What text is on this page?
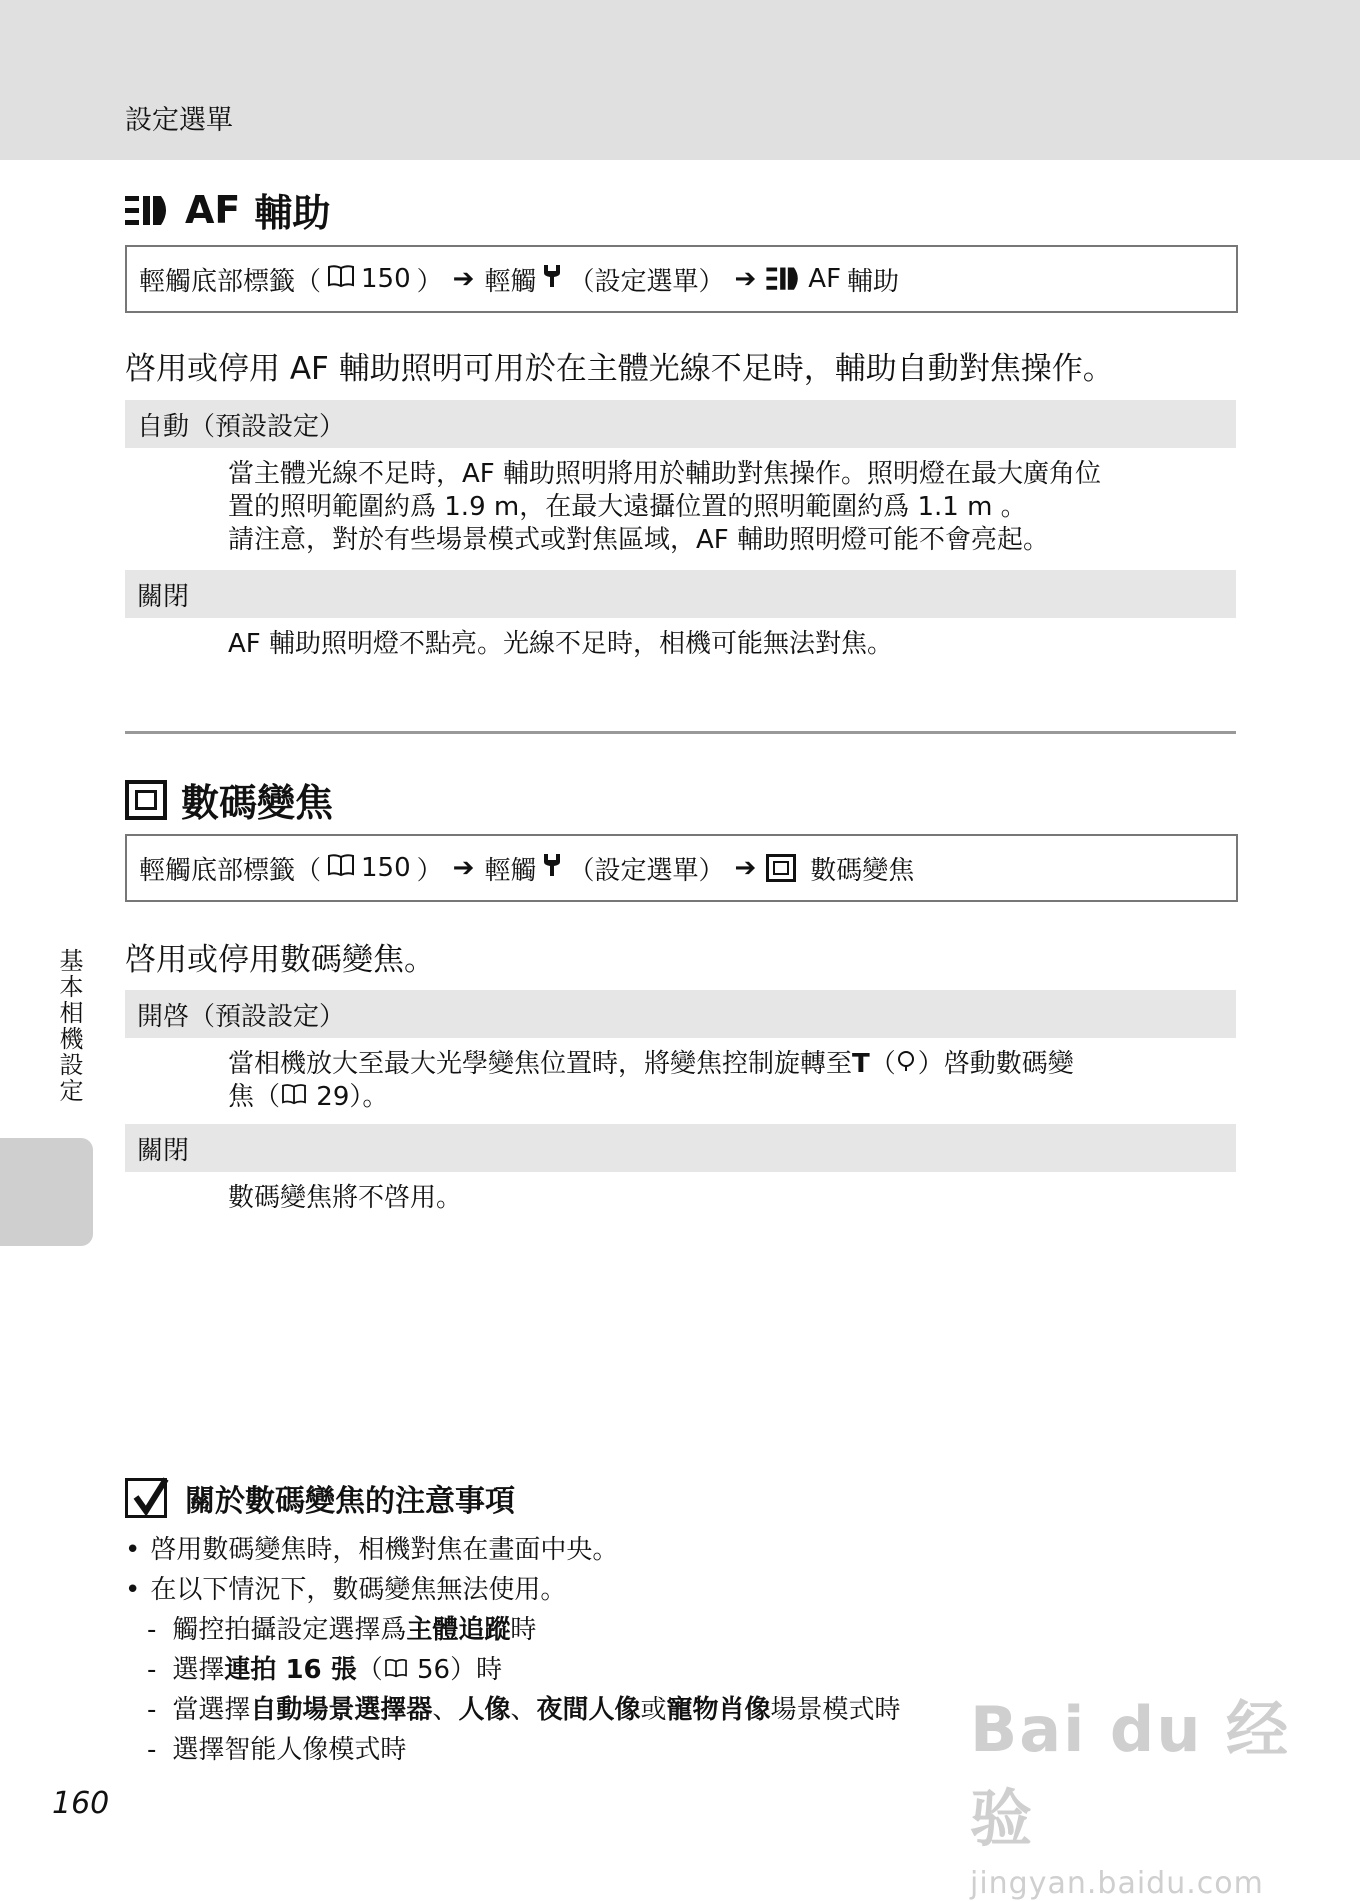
設定選單
AF 輔助
輕觸底部標籤（ 150 ） ➔ 輕觸 （設定選單） ➔ AF 輔助
啓用或停用 AF 輔助照明可用於在主體光線不足時，輔助自動對焦操作。
自動（預設設定）
當主體光線不足時，AF 輔助照明將用於輔助對焦操作。照明燈在最大廣角位
置的照明範圍約爲 1.9 m，在最大遠攝位置的照明範圍約爲 1.1 m 。
請注意，對於有些場景模式或對焦區域，AF 輔助照明燈可能不會亮起。
關閉
AF 輔助照明燈不點亮。光線不足時，相機可能無法對焦。
數碼變焦
輕觸底部標籤（ 150 ） ➔ 輕觸 （設定選單） ➔ 數碼變焦
啓用或停用數碼變焦。
開啓（預設設定）
當相機放大至最大光學變焦位置時，將變焦控制旋轉至T（ ）啓動數碼變
焦（ 29）。
關閉
數碼變焦將不啓用。
基本相機設定
關於數碼變焦的注意事項
• 啓用數碼變焦時，相機對焦在畫面中央。
• 在以下情況下，數碼變焦無法使用。
- 觸控拍攝設定選擇爲主體追蹤時
- 選擇連拍 16 張（ 56）時
- 當選擇自動場景選擇器、人像、夜間人像或寵物肖像場景模式時
- 選擇智能人像模式時
160
Bai du 经验
jingyan.baidu.com
